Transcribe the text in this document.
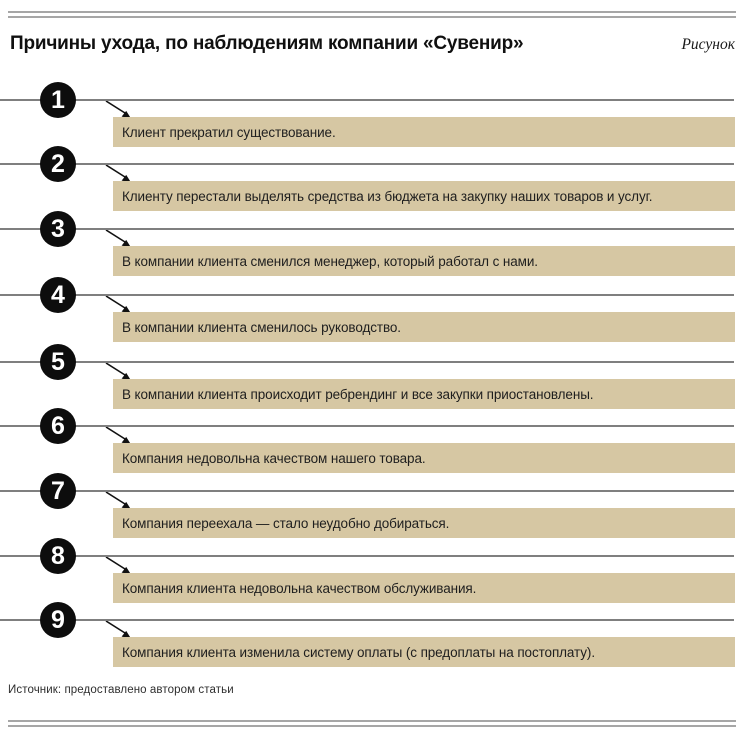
Причины ухода, по наблюдениям компании «Сувенир»	Рисунок
1
Клиент прекратил существование.
2
Клиенту перестали выделять средства из бюджета на закупку наших товаров и услуг.
3
В компании клиента сменился менеджер, который работал с нами.
4
В компании клиента сменилось руководство.
5
В компании клиента происходит ребрендинг и все закупки приостановлены.
6
Компания недовольна качеством нашего товара.
7
Компания переехала — стало неудобно добираться.
8
Компания клиента недовольна качеством обслуживания.
9
Компания клиента изменила систему оплаты (с предоплаты на постоплату).
Источник: предоставлено автором статьи
